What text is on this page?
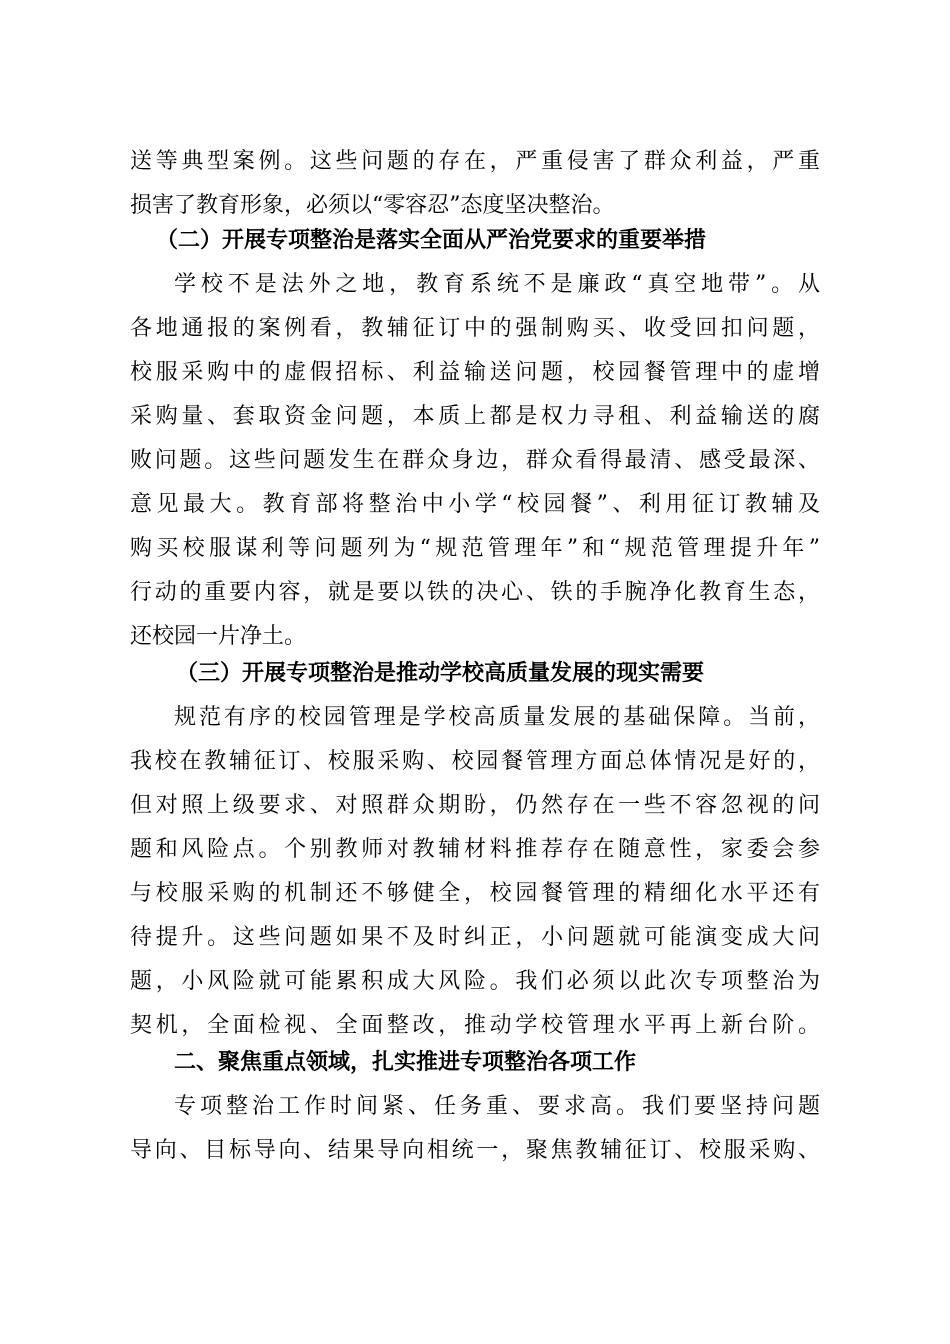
送等典型案例。这些问题的存在，严重侵害了群众利益，严重
损害了教育形象，必须以“零容忍”态度坚决整治。
（二）开展专项整治是落实全面从严治党要求的重要举措
学校不是法外之地，教育系统不是廉政“真空地带”。从
各地通报的案例看，教辅征订中的强制购买、收受回扣问题，
校服采购中的虚假招标、利益输送问题，校园餐管理中的虚增
采购量、套取资金问题，本质上都是权力寻租、利益输送的腐
败问题。这些问题发生在群众身边，群众看得最清、感受最深、
意见最大。教育部将整治中小学“校园餐”、利用征订教辅及
购买校服谋利等问题列为“规范管理年”和“规范管理提升年”
行动的重要内容，就是要以铁的决心、铁的手腕净化教育生态，
还校园一片净土。
（三）开展专项整治是推动学校高质量发展的现实需要
规范有序的校园管理是学校高质量发展的基础保障。当前，
我校在教辅征订、校服采购、校园餐管理方面总体情况是好的，
但对照上级要求、对照群众期盼，仍然存在一些不容忽视的问
题和风险点。个别教师对教辅材料推荐存在随意性，家委会参
与校服采购的机制还不够健全，校园餐管理的精细化水平还有
待提升。这些问题如果不及时纠正，小问题就可能演变成大问
题，小风险就可能累积成大风险。我们必须以此次专项整治为
契机，全面检视、全面整改，推动学校管理水平再上新台阶。
二、聚焦重点领域，扎实推进专项整治各项工作
专项整治工作时间紧、任务重、要求高。我们要坚持问题
导向、目标导向、结果导向相统一，聚焦教辅征订、校服采购、
